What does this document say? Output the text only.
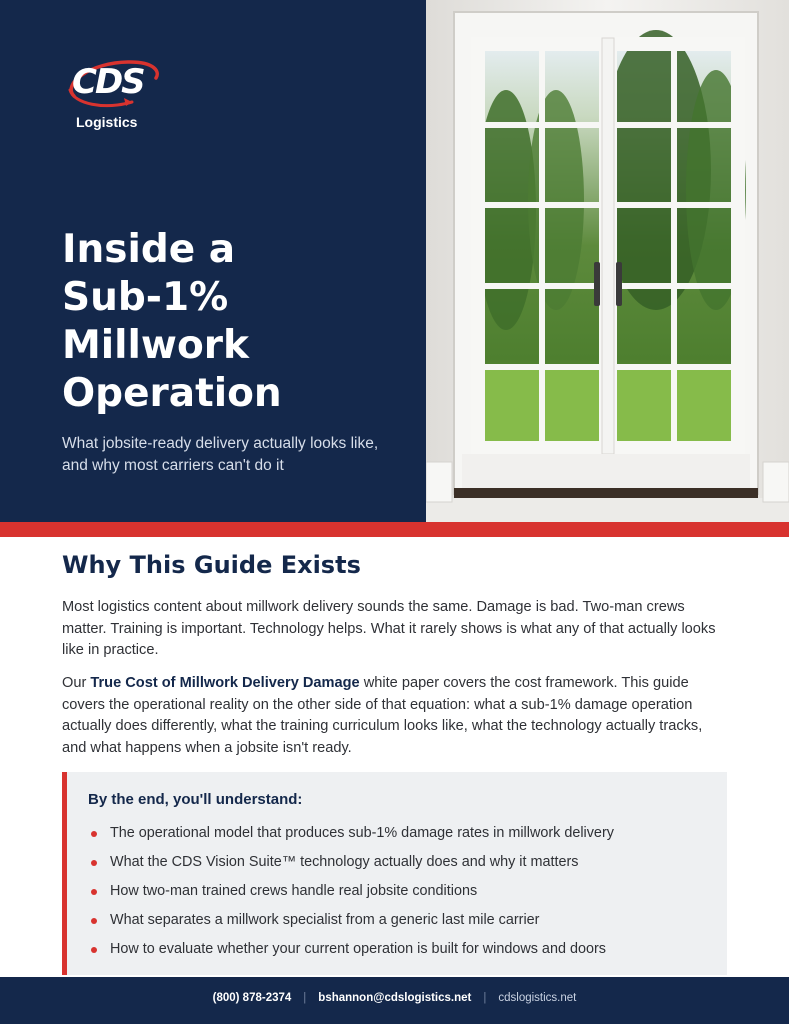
CDS
Logistics
Inside a
Sub-1%
Millwork
Operation
What jobsite-ready delivery actually looks like, and why most carriers can't do it
Why This Guide Exists

Most logistics content about millwork delivery sounds the same. Damage is bad. Two-man crews matter. Training is important. Technology helps. What it rarely shows is what any of that actually looks like in practice.

Our True Cost of Millwork Delivery Damage white paper covers the cost framework. This guide covers the operational reality on the other side of that equation: what a sub-1% damage operation actually does differently, what the training curriculum looks like, what the technology actually tracks, and what happens when a jobsite isn't ready.

By the end, you'll understand:
The operational model that produces sub-1% damage rates in millwork delivery
What the CDS Vision Suite™ technology actually does and why it matters
How two-man trained crews handle real jobsite conditions
What separates a millwork specialist from a generic last mile carrier
How to evaluate whether your current operation is built for windows and doors
(800) 878-2374 | bshannon@cdslogistics.net | cdslogistics.net
